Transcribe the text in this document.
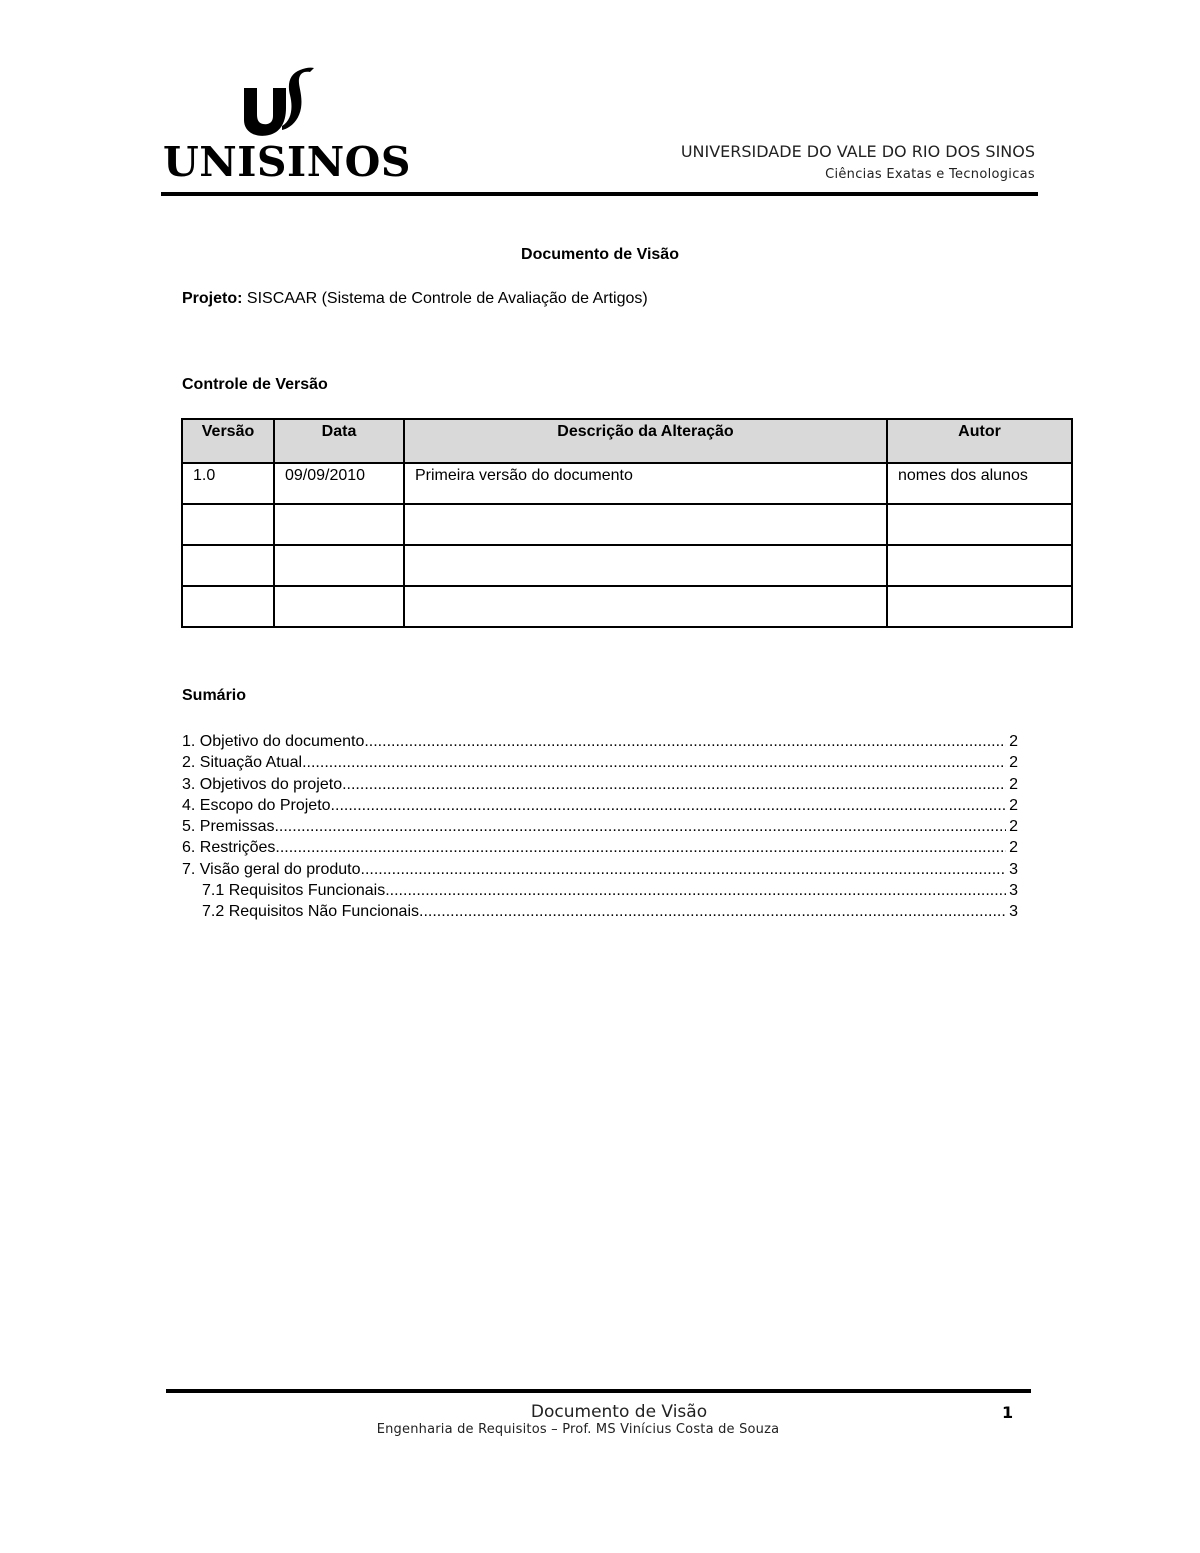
UNISINOS	UNIVERSIDADE DO VALE DO RIO DOS SINOS
Ciências Exatas e Tecnologicas
Documento de Visão
Projeto: SISCAAR (Sistema de Controle de Avaliação de Artigos)
Controle de Versão
Versão	Data	Descrição da Alteração	Autor
1.0	09/09/2010	Primeira versão do documento	nomes dos alunos

Sumário
1. Objetivo do documento .....	2
2. Situação Atual .....	2
3. Objetivos do projeto .....	2
4. Escopo do Projeto .....	2
5. Premissas .....	2
6. Restrições .....	2
7. Visão geral do produto .....	3
7.1 Requisitos Funcionais .....	3
7.2 Requisitos Não Funcionais .....	3
Documento de Visão	1
Engenharia de Requisitos – Prof. MS Vinícius Costa de Souza
